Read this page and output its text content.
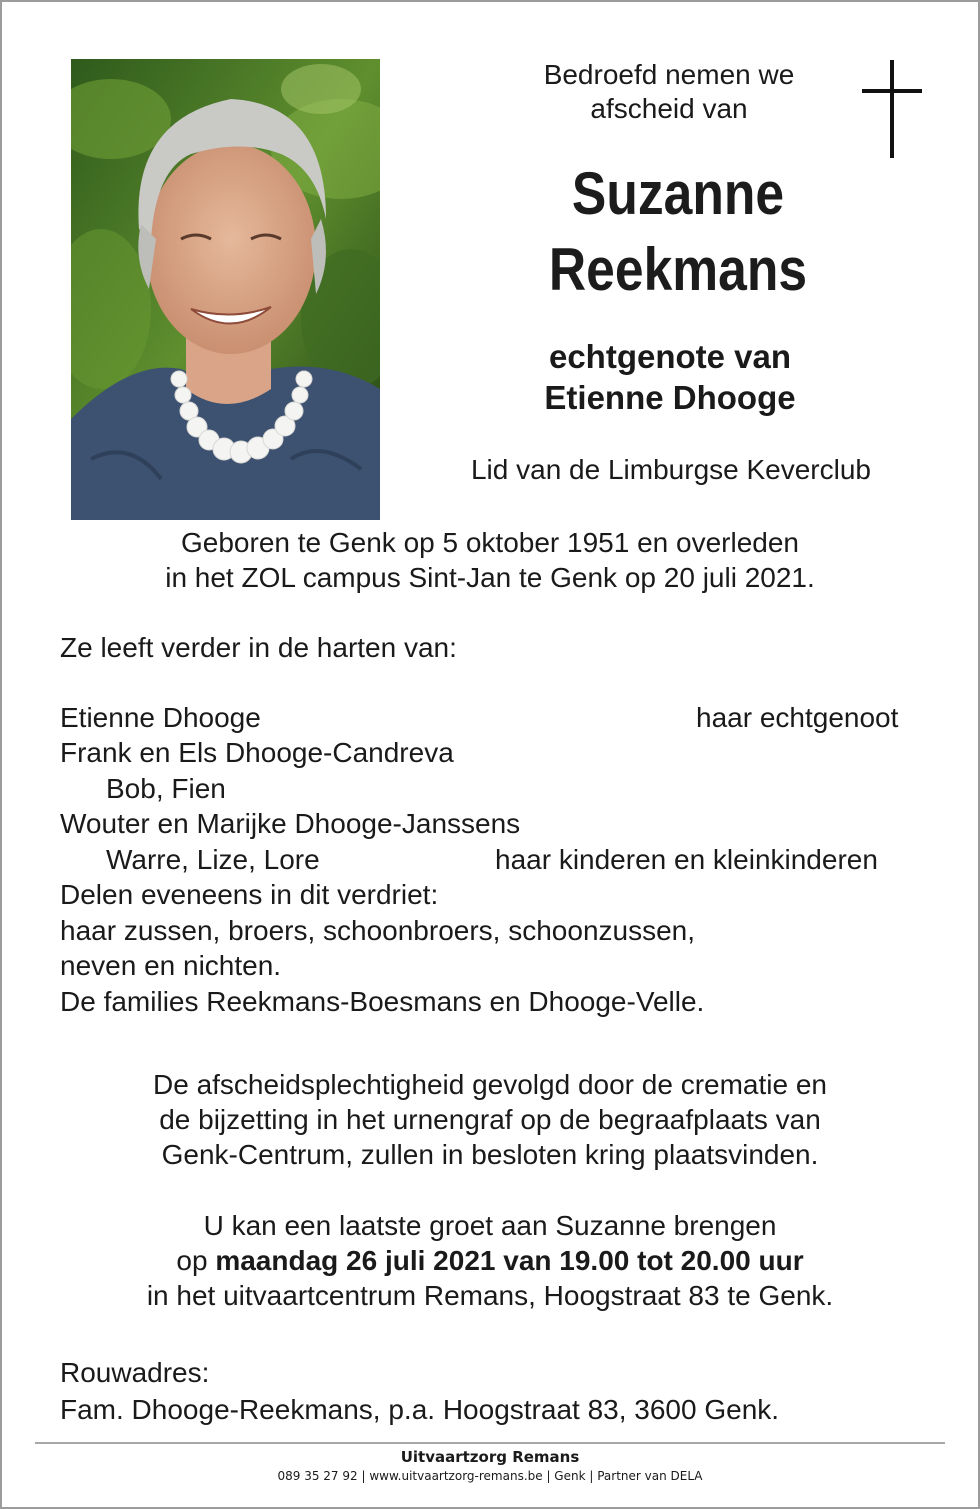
Bedroefd nemen we
afscheid van
Suzanne
Reekmans
echtgenote van
Etienne Dhooge
Lid van de Limburgse Keverclub
Geboren te Genk op 5 oktober 1951 en overleden
in het ZOL campus Sint-Jan te Genk op 20 juli 2021.
Ze leeft verder in de harten van:
Etienne Dhooge	haar echtgenoot
Frank en Els Dhooge-Candreva
Bob, Fien
Wouter en Marijke Dhooge-Janssens
Warre, Lize, Lore	haar kinderen en kleinkinderen
Delen eveneens in dit verdriet:
haar zussen, broers, schoonbroers, schoonzussen,
neven en nichten.
De families Reekmans-Boesmans en Dhooge-Velle.
De afscheidsplechtigheid gevolgd door de crematie en
de bijzetting in het urnengraf op de begraafplaats van
Genk-Centrum, zullen in besloten kring plaatsvinden.
U kan een laatste groet aan Suzanne brengen
op maandag 26 juli 2021 van 19.00 tot 20.00 uur
in het uitvaartcentrum Remans, Hoogstraat 83 te Genk.
Rouwadres:
Fam. Dhooge-Reekmans, p.a. Hoogstraat 83, 3600 Genk.
Uitvaartzorg Remans
089 35 27 92 | www.uitvaartzorg-remans.be | Genk | Partner van DELA
